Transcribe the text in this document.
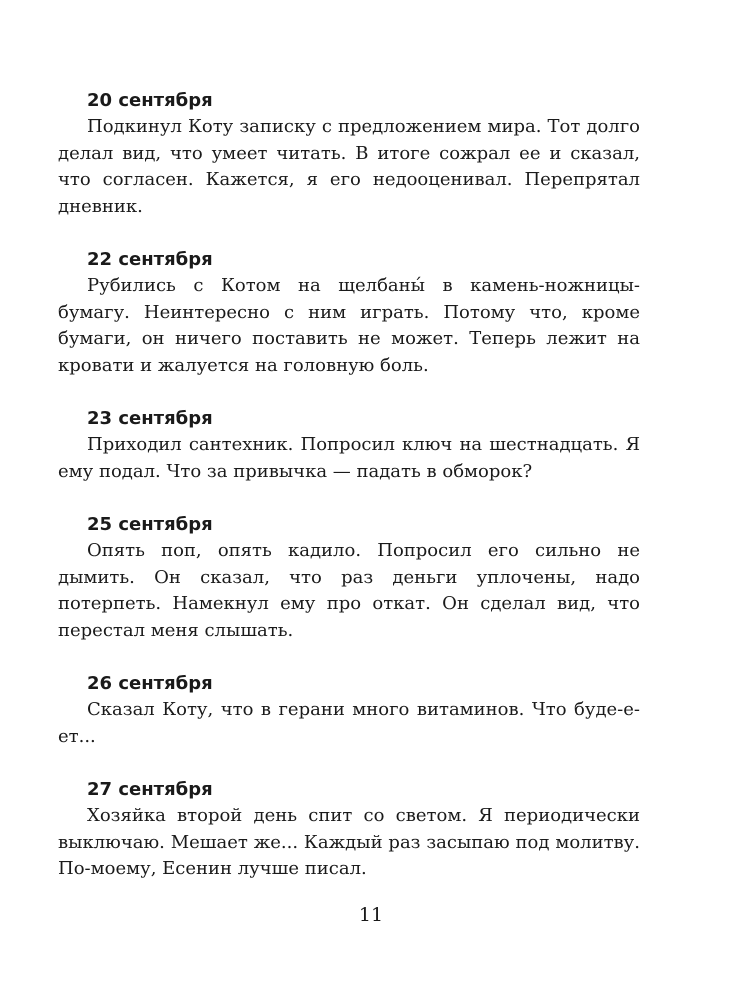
20 сентября

Подкинул Коту записку с предложением мира. Тот долго делал вид, что умеет читать. В итоге сожрал ее и сказал, что согласен. Кажется, я его недооценивал. Перепрятал дневник.

22 сентября

Рубились с Котом на щелбаны́ в камень-ножницы-бумагу. Неинтересно с ним играть. Потому что, кроме бумаги, он ничего поставить не может. Теперь лежит на кровати и жалуется на головную боль.

23 сентября

Приходил сантехник. Попросил ключ на шестнадцать. Я ему подал. Что за привычка — падать в обморок?

25 сентября

Опять поп, опять кадило. Попросил его сильно не дымить. Он сказал, что раз деньги уплочены, надо потерпеть. Намекнул ему про откат. Он сделал вид, что перестал меня слышать.

26 сентября

Сказал Коту, что в герани много витаминов. Что буде-е-ет...

27 сентября

Хозяйка второй день спит со светом. Я периодически выключаю. Мешает же... Каждый раз засыпаю под молитву. По-моему, Есенин лучше писал.

11
